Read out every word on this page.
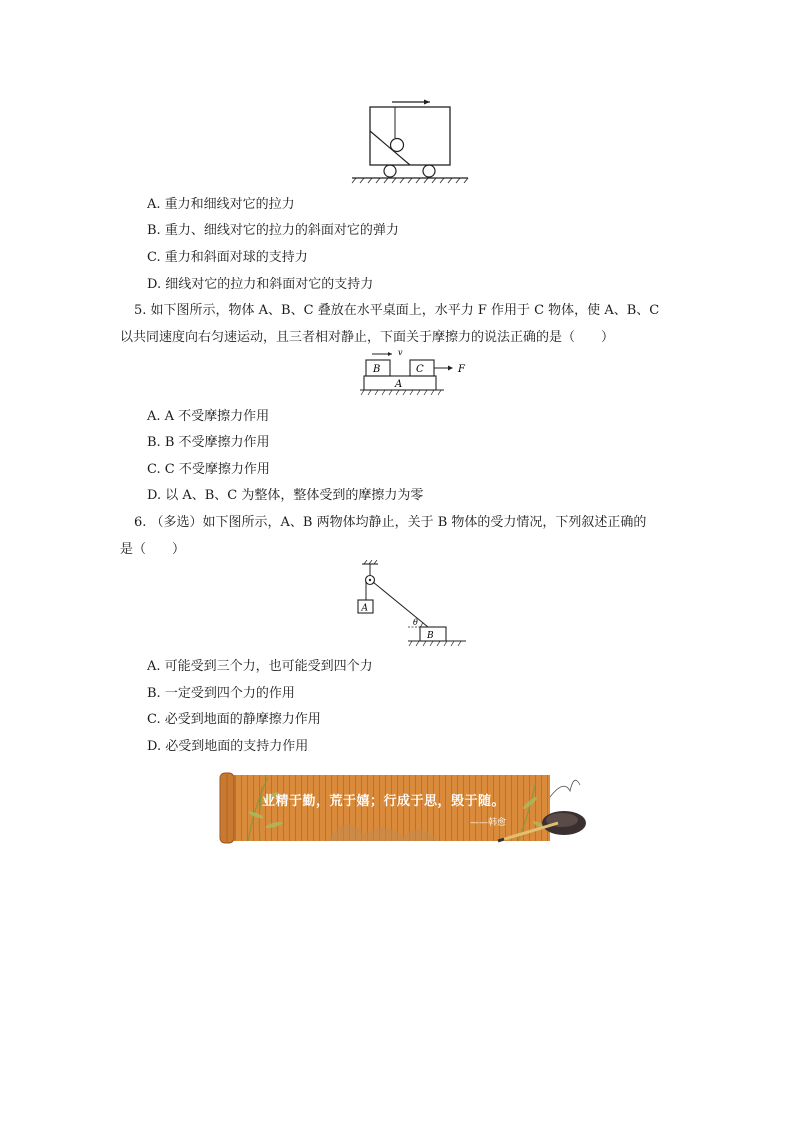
A. 重力和细线对它的拉力
B. 重力、细线对它的拉力的斜面对它的弹力
C. 重力和斜面对球的支持力
D. 细线对它的拉力和斜面对它的支持力
5. 如下图所示，物体 A、B、C 叠放在水平桌面上，水平力 F 作用于 C 物体，使 A、B、C
以共同速度向右匀速运动，且三者相对静止，下面关于摩擦力的说法正确的是（　　）
v
B	C	F
A
A. A 不受摩擦力作用
B. B 不受摩擦力作用
C. C 不受摩擦力作用
D. 以 A、B、C 为整体，整体受到的摩擦力为零
6. （多选）如下图所示，A、B 两物体均静止，关于 B 物体的受力情况，下列叙述正确的
是（　　）
A
θ
B
A. 可能受到三个力，也可能受到四个力
B. 一定受到四个力的作用
C. 必受到地面的静摩擦力作用
D. 必受到地面的支持力作用
业精于勤，荒于嬉；行成于思，毁于随。
——韩愈
